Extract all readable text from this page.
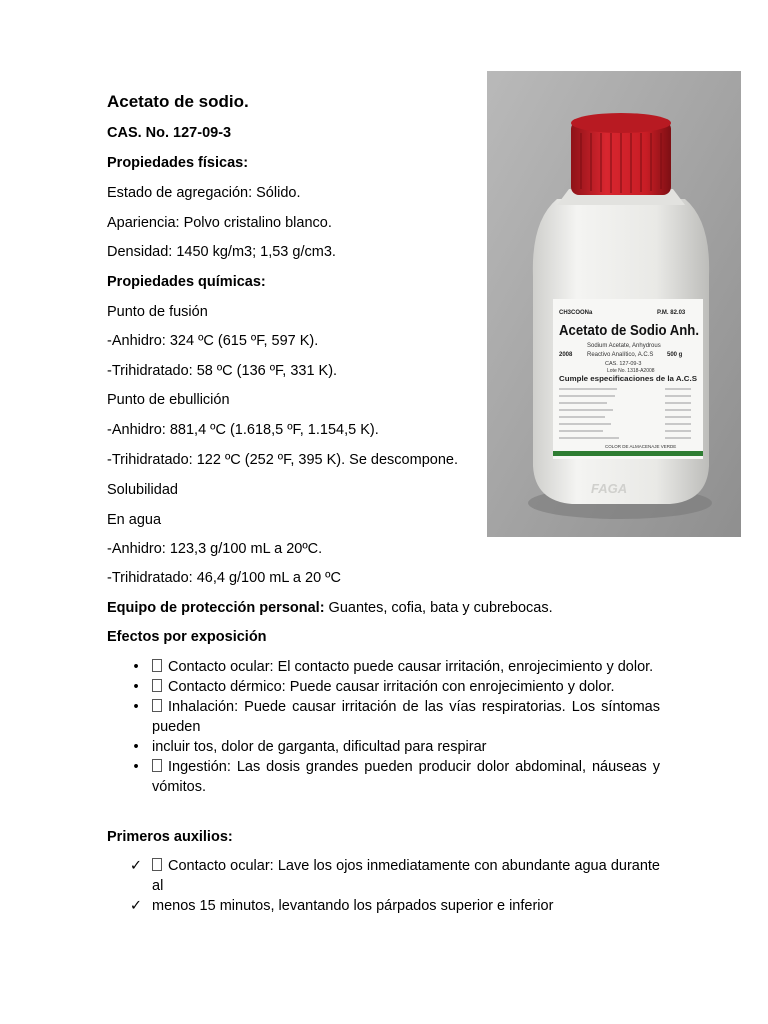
Acetato de sodio.
CAS. No. 127-09-3
Propiedades físicas:
Estado de agregación: Sólido.
Apariencia: Polvo cristalino blanco.
Densidad: 1450 kg/m3; 1,53 g/cm3.
Propiedades químicas:
Punto de fusión
-Anhidro: 324 ºC (615 ºF, 597 K).
-Trihidratado: 58 ºC (136 ºF, 331 K).
Punto de ebullición
-Anhidro: 881,4 ºC (1.618,5 ºF, 1.154,5 K).
-Trihidratado: 122 ºC (252 ºF, 395 K). Se descompone.
Solubilidad
En agua
-Anhidro: 123,3 g/100 mL a 20ºC.
-Trihidratado: 46,4 g/100 mL a 20 ºC
Equipo de protección personal: Guantes, cofia, bata y cubrebocas.
Efectos por exposición
•	Contacto ocular: El contacto puede causar irritación, enrojecimiento y dolor.
•	Contacto dérmico: Puede causar irritación con enrojecimiento y dolor.
•	Inhalación: Puede causar irritación de las vías respiratorias. Los síntomas pueden
• incluir tos, dolor de garganta, dificultad para respirar
•	Ingestión: Las dosis grandes pueden producir dolor abdominal, náuseas y vómitos.
Primeros auxilios:
✓ Contacto ocular: Lave los ojos inmediatamente con abundante agua durante al
✓ menos 15 minutos, levantando los párpados superior e inferior
CH3COONa	P.M. 82.03
Acetato de Sodio Anh.
Sodium Acetate, Anhydrous
2008 Reactivo Analítico, A.C.S 500 g
CAS. 127-09-3
Lote No. 1318-A2008
Cumple especificaciones de la A.C.S
COLOR DE ALMACENAJE VERDE
FAGA
